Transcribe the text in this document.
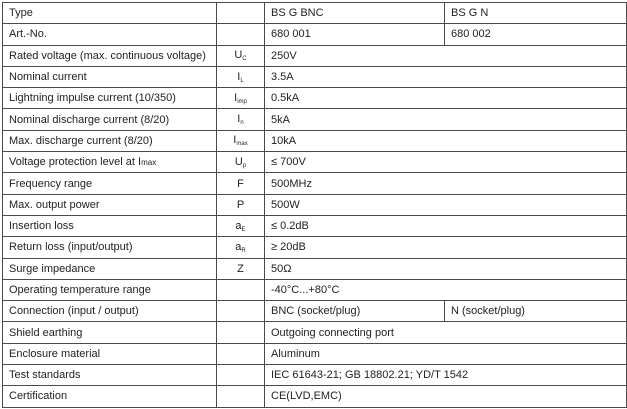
Type		BS G BNC	BS G N
Art.-No.		680 001	680 002
Rated voltage (max. continuous voltage)	$U_C$	250V	
Nominal current	$I_L$	3.5A	
Lightning impulse current (10/350)	$I_{imp}$	0.5kA	
Nominal discharge current (8/20)	$I_n$	5kA	
Max. discharge current (8/20)	$I_{max}$	10kA	
Voltage protection level at Imax	$U_p$	≤ 700V	
Frequency range	F	500MHz	
Max. output power	P	500W	
Insertion loss	$a_E$	≤ 0.2dB	
Return loss (input/output)	$a_R$	≥ 20dB	
Surge impedance	Z	50Ω	
Operating temperature range		-40°C...+80°C	
Connection (input / output)		BNC (socket/plug)	N (socket/plug)
Shield earthing		Outgoing connecting port	
Enclosure material		Aluminum	
Test standards		IEC 61643-21; GB 18802.21; YD/T 1542	
Certification		CE(LVD,EMC)	
